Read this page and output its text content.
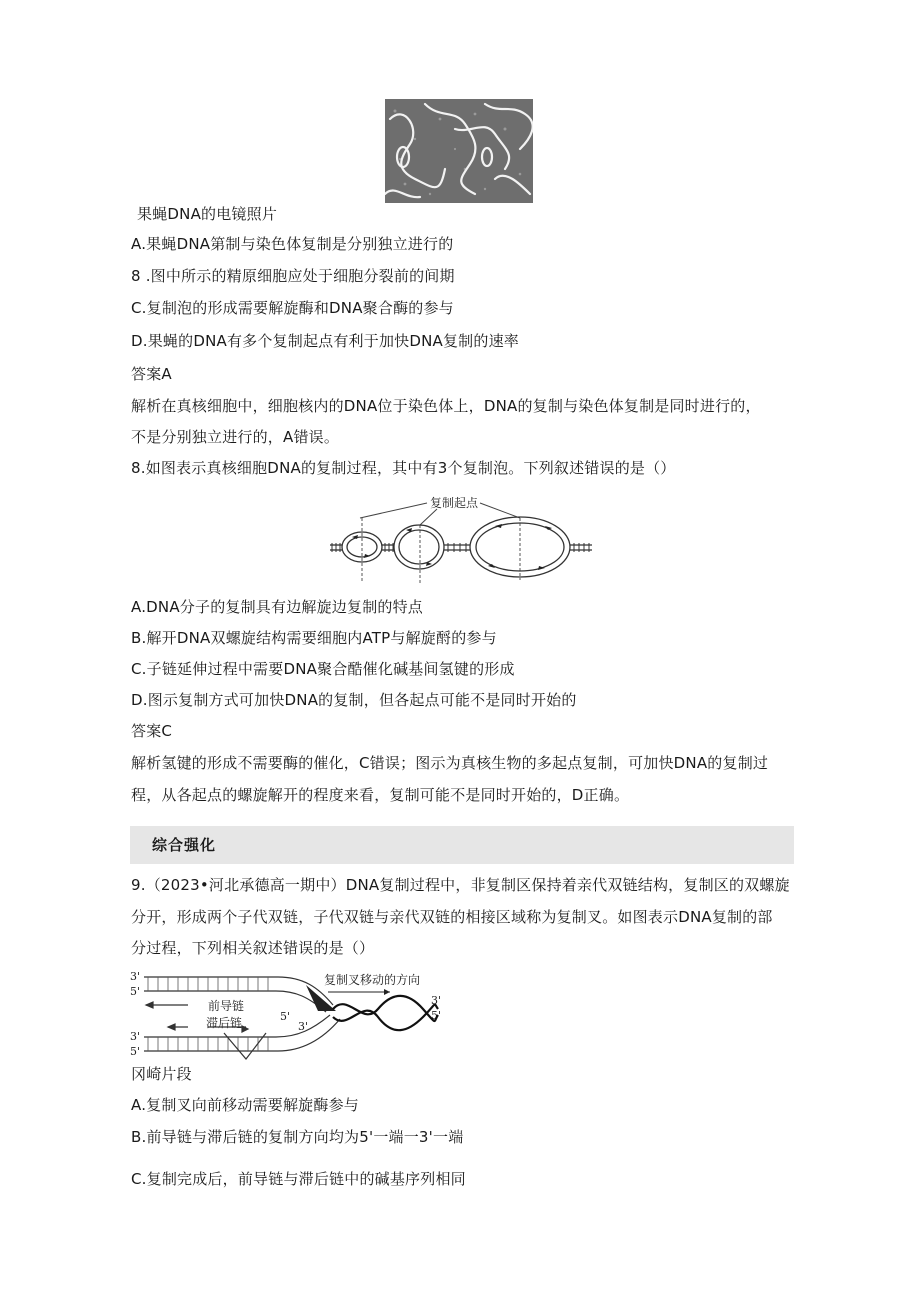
果蝇DNA的电镜照片
A.果蝇DNA第制与染色体复制是分别独立进行的
8 .图中所示的精原细胞应处于细胞分裂前的间期
C.复制泡的形成需要解旋酶和DNA聚合酶的参与
D.果蝇的DNA有多个复制起点有利于加快DNA复制的速率
答案A
解析在真核细胞中，细胞核内的DNA位于染色体上，DNA的复制与染色体复制是同时进行的，
不是分别独立进行的，A错误。
8.如图表示真核细胞DNA的复制过程，其中有3个复制泡。下列叙述错误的是（）
复制起点
A.DNA分子的复制具有边解旋边复制的特点
B.解开DNA双螺旋结构需要细胞内ATP与解旋酹的参与
C.子链延伸过程中需要DNA聚合酷催化碱基间氢键的形成
D.图示复制方式可加快DNA的复制，但各起点可能不是同时开始的
答案C
解析氢键的形成不需要酶的催化，C错误；图示为真核生物的多起点复制，可加快DNA的复制过
程，从各起点的螺旋解开的程度来看，复制可能不是同时开始的，D正确。
综合强化
9.（2023•河北承德高一期中）DNA复制过程中，非复制区保持着亲代双链结构，复制区的双螺旋
分开，形成两个子代双链，子代双链与亲代双链的相接区域称为复制叉。如图表示DNA复制的部
分过程，下列相关叙述错误的是（）
3'
5'
3'
5'
3'
5'
3'
5'
复制叉移动的方向
前导链
滞后链
冈崎片段
A.复制叉向前移动需要解旋酶参与
B.前导链与滞后链的复制方向均为5'一端一3'一端
C.复制完成后，前导链与滞后链中的碱基序列相同
